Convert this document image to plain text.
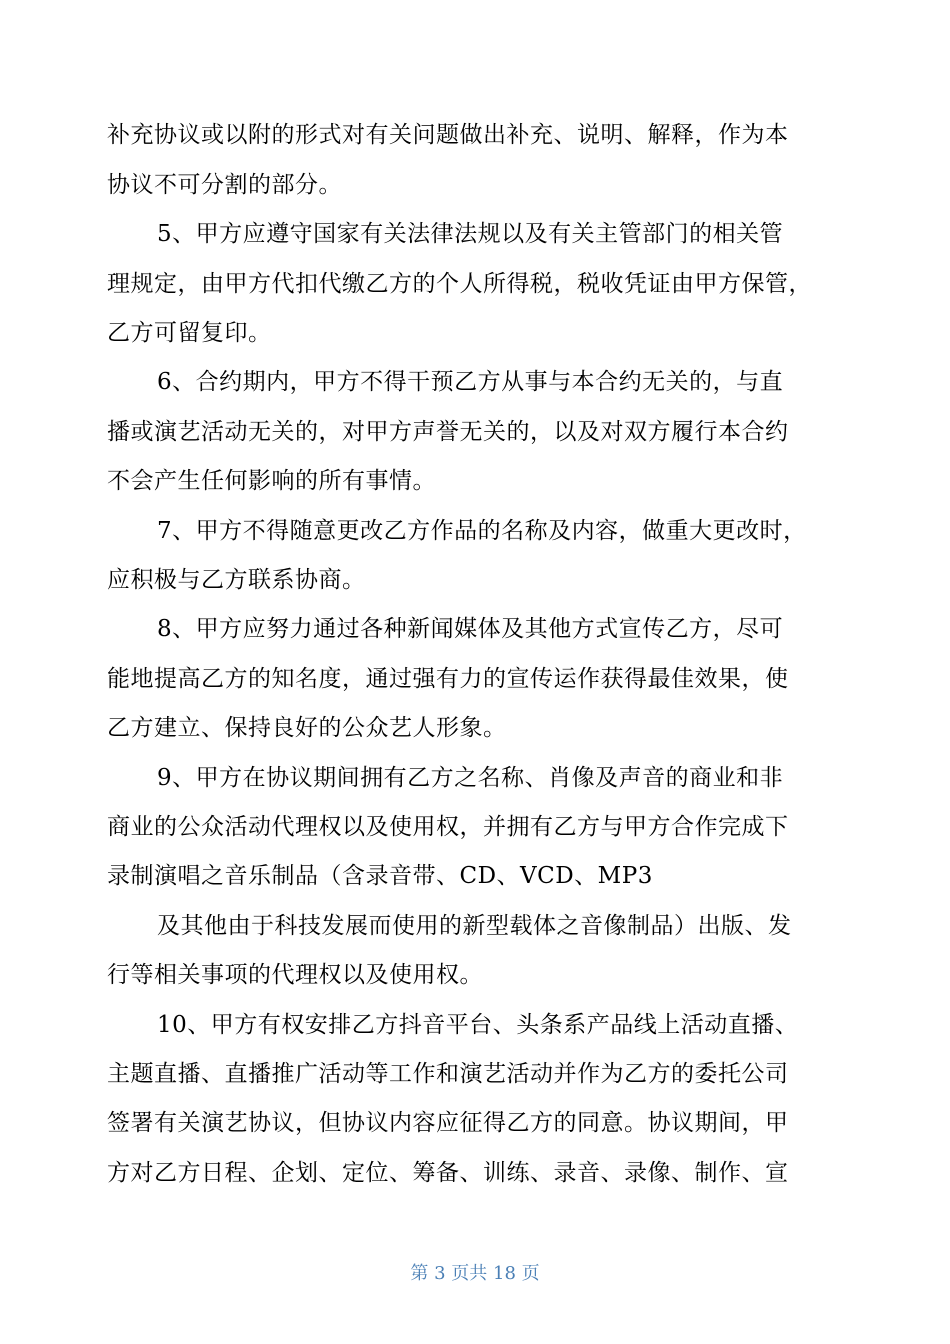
补充协议或以附的形式对有关问题做出补充、说明、解释，作为本
协议不可分割的部分。
5、甲方应遵守国家有关法律法规以及有关主管部门的相关管
理规定，由甲方代扣代缴乙方的个人所得税，税收凭证由甲方保管，
乙方可留复印。
6、合约期内，甲方不得干预乙方从事与本合约无关的，与直
播或演艺活动无关的，对甲方声誉无关的，以及对双方履行本合约
不会产生任何影响的所有事情。
7、甲方不得随意更改乙方作品的名称及内容，做重大更改时，
应积极与乙方联系协商。
8、甲方应努力通过各种新闻媒体及其他方式宣传乙方，尽可
能地提高乙方的知名度，通过强有力的宣传运作获得最佳效果，使
乙方建立、保持良好的公众艺人形象。
9、甲方在协议期间拥有乙方之名称、肖像及声音的商业和非
商业的公众活动代理权以及使用权，并拥有乙方与甲方合作完成下
录制演唱之音乐制品（含录音带、CD、VCD、MP3
及其他由于科技发展而使用的新型载体之音像制品）出版、发
行等相关事项的代理权以及使用权。
10、甲方有权安排乙方抖音平台、头条系产品线上活动直播、
主题直播、直播推广活动等工作和演艺活动并作为乙方的委托公司
签署有关演艺协议，但协议内容应征得乙方的同意。协议期间，甲
方对乙方日程、企划、定位、筹备、训练、录音、录像、制作、宣
第 3 页共 18 页
